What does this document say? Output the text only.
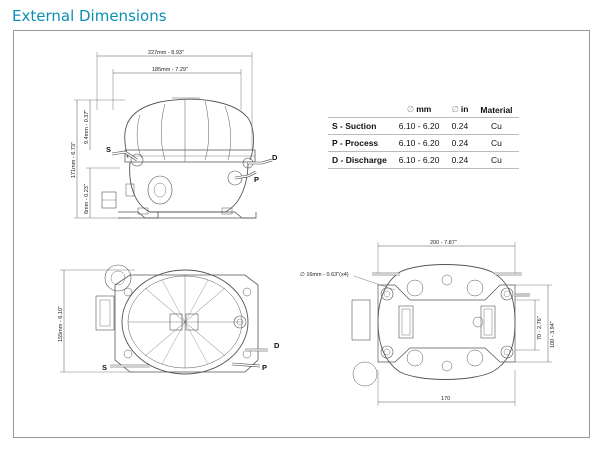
External Dimensions
227mm - 8.93"
185mm - 7.29"
171mm - 6.73"
9.4mm - 0.37"
6mm - 0.23"
155mm - 6.10"
200 - 7.87"
∅ 16mm - 0.63"(x4)
70 - 2.76" 100 - 3.94"
170
S
D
P
S
D
P
	∅ mm	∅ in	Material
S - Suction	6.10 - 6.20	0.24	Cu
P - Process	6.10 - 6.20	0.24	Cu
D - Discharge	6.10 - 6.20	0.24	Cu
